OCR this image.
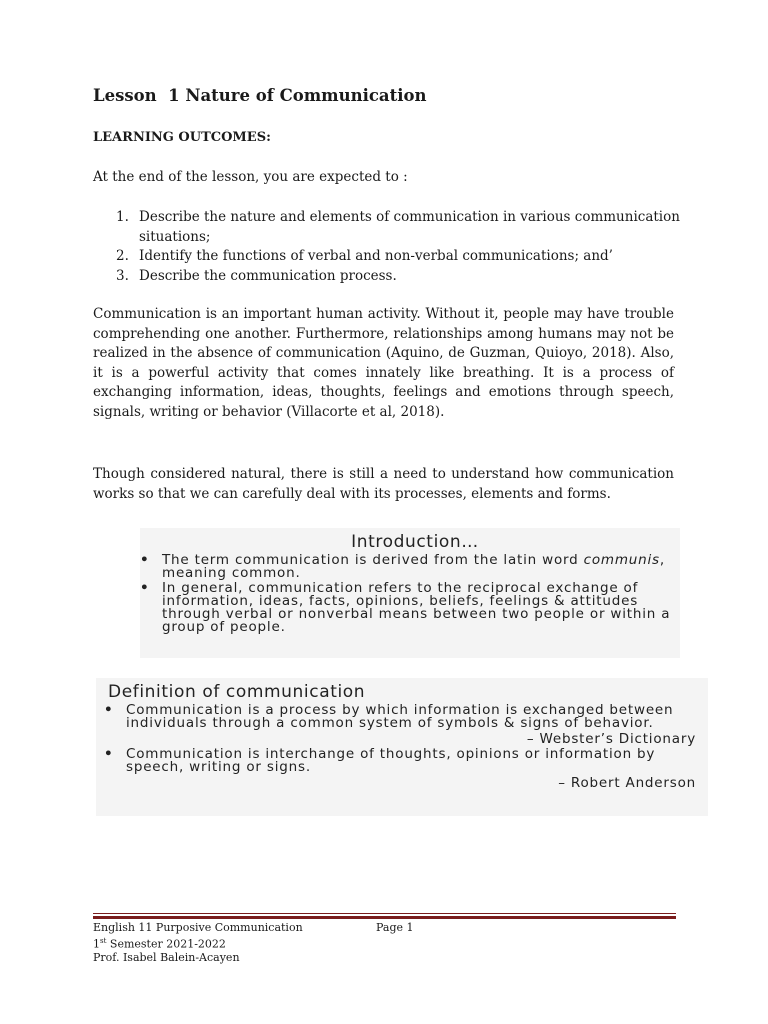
Lesson  1 Nature of Communication
LEARNING OUTCOMES:

At the end of the lesson, you are expected to :

1. Describe the nature and elements of communication in various communication situations;
2. Identify the functions of verbal and non-verbal communications; and’
3. Describe the communication process.

Communication is an important human activity. Without it, people may have trouble comprehending one another. Furthermore, relationships among humans may not be realized in the absence of communication (Aquino, de Guzman, Quioyo, 2018). Also, it is a powerful activity that comes innately like breathing. It is a process of exchanging information, ideas, thoughts, feelings and emotions through speech, signals, writing or behavior (Villacorte et al, 2018).

Though considered natural, there is still a need to understand how communication works so that we can carefully deal with its processes, elements and forms.

Introduction…
• The term communication is derived from the latin word communis, meaning common.
• In general, communication refers to the reciprocal exchange of information, ideas, facts, opinions, beliefs, feelings & attitudes through verbal or nonverbal means between two people or within a group of people.
Definition of communication
• Communication is a process by which information is exchanged between individuals through a common system of symbols & signs of behavior.
– Webster’s Dictionary
• Communication is interchange of thoughts, opinions or information by speech, writing or signs.
– Robert Anderson
English 11 Purposive Communication	Page 1
1st Semester 2021-2022
Prof. Isabel Balein-Acayen
